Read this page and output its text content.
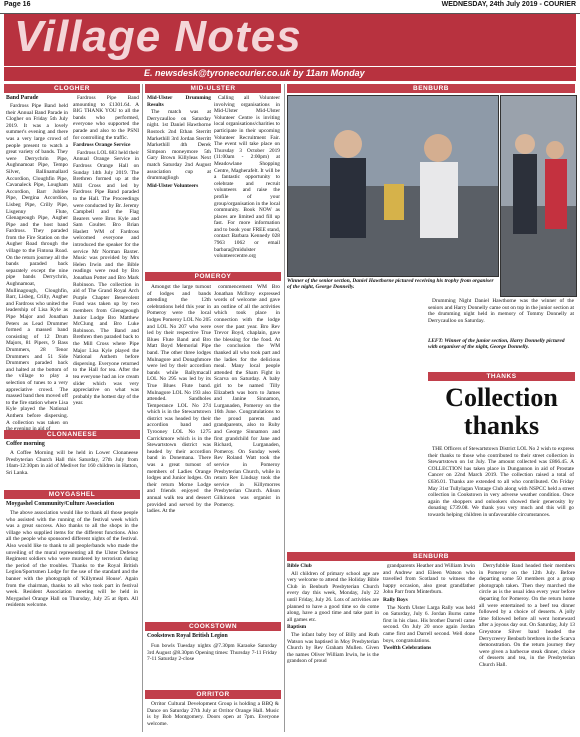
Page 16	WEDNESDAY, 24th July 2019 - COURIER
Village Notes
E. newsdesk@tyronecourier.co.uk by 11am Monday
CLOGHER
Band Parade

Fardross Pipe Band held their Annual Band Parade in Clogher on Friday 5th July 2019. It was a lovely summer's evening and there was a very large crowd of people present to watch a great variety of bands. They were Derrychrin Pipe, Aughnamoat Pipe, Tempo Silver, Ballinamallard Accordion, Cloughfin Pipe, Cavanaleck Pipe, Lougham Accordion, Barr Jubilee Pipe, Dergina Accordion, Lisbeg Pipe, Crilly Pipe, Lisgenny Flute, Glenageough Pipe, Augher Pipe and the host band Fardross. They paraded from the Fire Station on the Augher Road through the village to the Fintona Road. On the return journey all the bands paraded back separately except the nine pipe bands Derrychrin, Aughnamoat, Mullinagough, Cloughfin, Barr, Lisbeg, Crilly, Augher and Fardross who united the leadership of Lisa Kyle as Pipe Major and Jonathan Peters as Lead Drummer formed a massed band consisting of 12 Drum Majors, 81 Pipers, 9 Bass Drummers, 28 Tenor Drummers and 51 Side Drummers paraded back and halted at the bottom of the village to play a selection of tunes to a very appreciative crowd. The massed band then moved off to the fire station where Lisa Kyle played the National Anthem before dispersing. A collection was taken on

Fardross Pipe Band amounting to £1301.64. A BIG THANK YOU to all the bands who performed, everyone who supported the parade and also to the PSNI for controlling the traffic.

Fardross Orange Service

Fardross LOL 683 held their Annual Orange Service in Fardross Orange Hall on Sunday 14th July 2019. The Brethren formed up at the Mill Cross and led by Fardross Pipe Band paraded to the Hall. The Proceedings were conducted by Br. Jeremy Campbell and the Flag Bearers were Bros Kyle and Sam Coulter. Bro Brian Haslett WM of Fardross welcomed everyone and introduced the speaker for the service Mr Norman Baxter. Music was provided by Mrs Helen Irwin and the Bible readings were read by Bro Jonathan Potter and Bro Mark Robinson. The collection in aid of The Grand Royal Arch Purple Chapter Benevolent Fund was taken up by two members from Glenageough Junior Lodge Bro Matthew McClung and Bro Luke Robinson. The Band and Brethren then paraded back to the Mill Cross where Pipe Major Lisa Kyle played the National Anthem before dispersing. Everyone returned to the Hall for tea. After the tea everyone had an ice cream slider which was very appreciative on what was probably the hottest day of the year.

CLONANEESE
Coffee morning

A Coffee Morning will be held in Lower Clonaneese Presbyterian Church Hall this Saturday, 27th July from 10am-12:30pm in aid of Medivet for 160 children in Hatton, Sri Lanka.

MOYGASHEL
Moygashel Community/Culture Association

The above association would like to thank all those people who assisted with the running of the festival week which was a great success. Also thanks to all the shops in the village who supplied items for the different functions. Also all the people who sponsored different nights of the festival. Also would like to thank to all people/bands who made the unveiling of the mural representing all the Ulster Defence Regiment soldiers who were murdered by terrorism during the period of the troubles. Thanks to the Royal British Legion/Sportsmen Lodge for the use of the standard and the banner with the photograph of 'Killymeal House'. Again from the chairman, thanks to all who took part in festival week. Resident Association meeting will be held in Moygashel Orange Hall on Thursday, July 25 at 8pm. All residents welcome.

MID-ULSTER

Mid-Ulster Drumming Results

The match was at Derrycaulloo on Saturday night. 1st Daniel Hawthorne Rostock 2nd Ethan Sterritt Markethill 3rd Jordan Sterritt Markethill 4th Derek Simpson moneymore 5th Gary Brown Killyleas Next match Saturday 2nd August association cup at drummagliogh

Mid-Ulster Volunteers

Calling all Volunteer involving organisations in Mid-Ulster Mid-Ulster Volunteer Centre is inviting local organisations/charities to participate in their upcoming Volunteer Recruitment Fair. The event will take place on Thursday 3 October 2019 (11:00am - 2:00pm) at Meadowlane Shopping Centre, Magherafelt. It will be a fantastic opportunity to celebrate and recruit volunteers and raise the profile of your group/organisation in the local community. Book NOW as places are limited and fill up fast. For more information and to book your FREE stand, contact Barbara Kennedy 028 7963 1062 or email barbara@midulster volunteercentre.org

POMEROY

Amongst the large turnout of lodges and bands attending the 12th celebrations held this year in Pomeroy were the local lodges Pomeroy LOL No 205 and LOL No 207 who were led by their respective True Blues Flute Band and Bro Matt Boyd Memorial Pipe band. The other three lodges Mulnagore and Donaghmore were led by their accordion bands while Ballymacall LOL No 295 was led by its True Blues Flute band. Mulnagore LOL No 193 also attended. Sandholes Temperance LOL No 274 which is in the Stewartstown district was headed by their accordion band and Tyrooney LOL No 1275 Carrickmore which is in the Stewartstown district was headed by their accordion band in Donemana. There was a great turnout of members of Ladies Orange lodges and Junior lodges. On their return Morne Lodge and friends enjoyed the annual walk tea and dessert provided and served by the ladies. At the

commencement WM Bro Jonathan McIlroy expressed words of welcome and gave an outline of all the activities which took place in connection with the lodge over the past year. Bro Rev Trevor Boyd, chaplain, gave the blessing for the food. At the conclusion the WM thanked all who took part and the ladies for the delicious meal. Many local people attended the Sham Fight in Scarva on Saturday. A baby girl to be named Tilly Elizabeth was born to James and Janine Sinnamon, Lurganaden, Pomeroy on the 16th June. Congratulations to the proud parents and grandparents, also to Ruby and George Sinnamon and first grandchild for Jane and Richard, Lurganaden, Pomeroy. On Sunday week Rev Roland Watt took the service in Pomeroy Presbyterian Church, while in return Rev Lindsay took the service in Killymorres Presbyterian Church. Alison Gilkinson was organist in Pomeroy.

COOKSTOWN
Cookstown Royal British Legion

Fun bowls Tuesday nights @7.30pm Karaoke Saturday 3rd August @8.30pm Opening times: Thursday 7-11 Friday 7-11 Saturday 2-close

ORRITOR

Orritor Cultural Development Group is holding a BBQ & Dance on Saturday 27th July at Orritor Orange Hall. Music is by Bob Montgomery. Doors open at 7pm. Everyone welcome.

BENBURB
Winner of the senior section, Daniel Hawthorne pictured receiving his trophy from organiser of the night, George Donnelly.

Drumming Night Daniel Hawthorne was the winner of the seniors and Harry Donnelly came out on top in the junior section at the drumming night held in memory of Tommy Donnelly at Derrycaulloo on Saturday.

LEFT: Winner of the junior section, Harry Donnelly pictured with organiser of the night, George Donnelly.
THANKS
Collection thanks

THE Officers of Stewartstown District LOL No 2 wish to express their thanks to those who contributed to their street collection in Stewartstown on 1st July. The amount collected was £866.45. A COLLECTION has taken place in Dungannon in aid of Prostate Cancer on 22nd March 2019. The collection raised a total of £636.01. Thanks are extended to all who contributed. On Friday May 31st Tullylagan Vintage Club along with NSPCC held a street collection in Cookstown in very adverse weather condition. Once again the shoppers and onlookers showed their generosity by donating £739.08. We thank you very much and this will go towards helping children in unfavourable circumstances.

BENBURB

Bible Club

All children of primary school age are very welcome to attend the Holiday Bible Club in Benburb Presbyterian Church every day this week, Monday, July 22 until Friday, July 26. Lots of activities are planned to have a good time so do come along, have a good time and take part in all games etc.

Baptism

The infant baby boy of Billy and Ruth Watson was baptised in Moy Presbyterian Church by Rev Graham Mullen. Given the names Oliver William Irwin, he is the grandson of proud

grandparents Heather and William Irwin and Andrew and Eileen Watson who travelled from Scotland to witness the happy occasion, also great grandfather John Parr from Minterburn.

Rally Boys

The North Ulster Larga Rally was held on Saturday, July 6. Jordan Burns came first in his class. His brother Darrell came second. On July 20 once again Jordan came first and Darrell second. Well done boys, congratulations.

Twelfth Celebrations

Derryfubble Band headed their members in Pomeroy on the 12th July. Before departing some 50 members got a group photograph taken. Then they marched the circle as is the usual idea every year before departing for Pomeroy. On the return home all were entertained to a beef tea dinner followed by a choice of desserts. A jolly time followed before all went homeward after a joyous day out. On Saturday, July 13 Greystone Silver band headed the Derrycreevy Benburb brethren in the Scarva demonstration. On the return journey they were given a barbecue steak dinner, choice of desserts and tea, in the Presbyterian Church Hall.
